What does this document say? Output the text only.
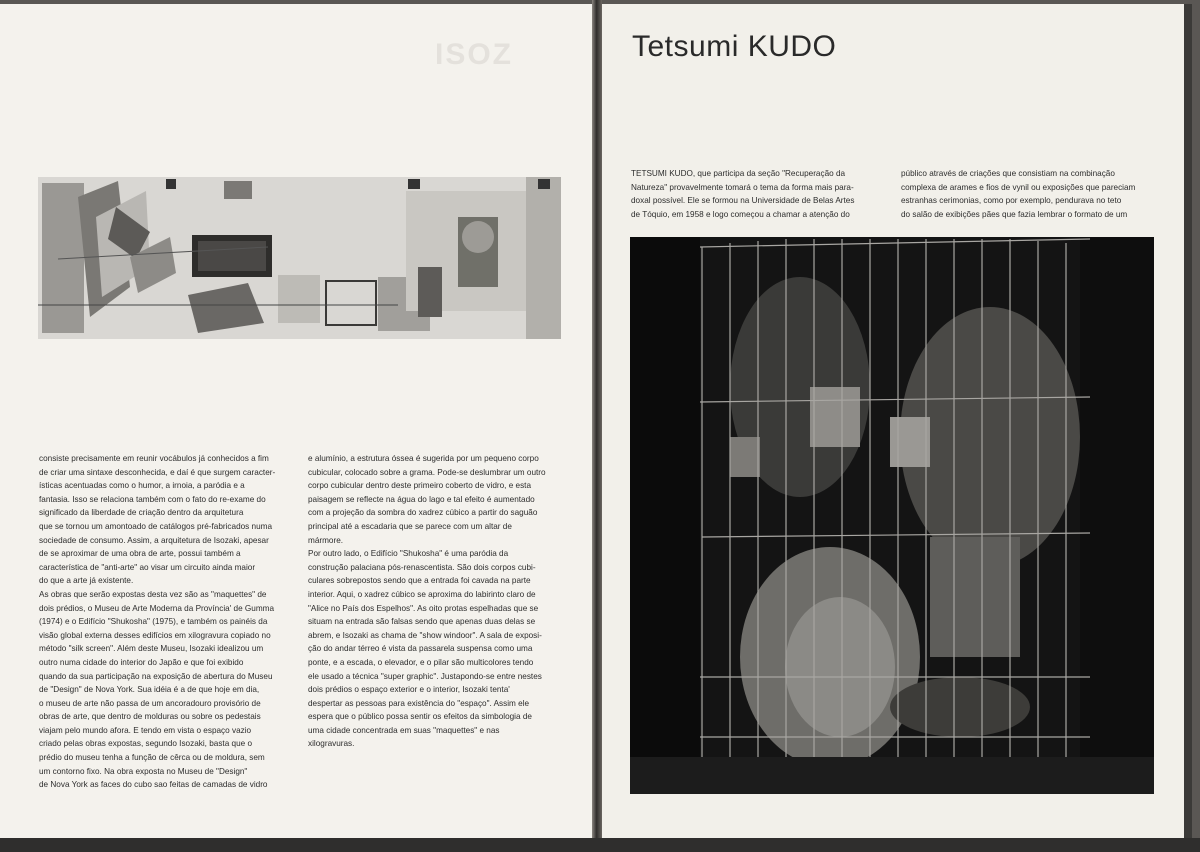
ISOZ
consiste precisamente em reunir vocábulos já conhecidos a fim
de criar uma sintaxe desconhecida, e daí é que surgem caracter-
ísticas acentuadas como o humor, a irnoia, a paródia e a
fantasia. Isso se relaciona também com o fato do re-exame do
significado da liberdade de criação dentro da arquitetura
que se tornou um amontoado de catálogos pré-fabricados numa
sociedade de consumo. Assim, a arquitetura de Isozaki, apesar
de se aproximar de uma obra de arte, possui também a
característica de "anti-arte" ao visar um circuito ainda maior
do que a arte já existente.
As obras que serão expostas desta vez são as "maquettes" de
dois prédios, o Museu de Arte Moderna da Província' de Gumma
(1974) e o Edifício "Shukosha" (1975), e também os painéis da
visão global externa desses edifícios em xilogravura copiado no
método "silk screen". Além deste Museu, Isozaki idealizou um
outro numa cidade do interior do Japão e que foi exibido
quando da sua participação na exposição de abertura do Museu
de "Design" de Nova York. Sua idéia é a de que hoje em dia,
o museu de arte não passa de um ancoradouro provisório de
obras de arte, que dentro de molduras ou sobre os pedestais
viajam pelo mundo afora. E tendo em vista o espaço vazio
criado pelas obras expostas, segundo Isozaki, basta que o
prédio do museu tenha a função de cêrca ou de moldura, sem
um contorno fixo. Na obra exposta no Museu de "Design"
de Nova York as faces do cubo sao feitas de camadas de vidro
e alumínio, a estrutura óssea é sugerida por um pequeno corpo
cubicular, colocado sobre a grama. Pode-se deslumbrar um outro
corpo cubicular dentro deste primeiro coberto de vidro, e esta
paisagem se reflecte na água do lago e tal efeito é aumentado
com a projeção da sombra do xadrez cúbico a partir do saguão
principal até a escadaria que se parece com um altar de
mármore.
Por outro lado, o Edifício "Shukosha" é uma paródia da
construção palaciana pós-renascentista. São dois corpos cubi-
culares sobrepostos sendo que a entrada foi cavada na parte
interior. Aqui, o xadrez cúbico se aproxima do labirinto claro de
"Alice no País dos Espelhos". As oito protas espelhadas que se
situam na entrada são falsas sendo que apenas duas delas se
abrem, e Isozaki as chama de "show windoor". A sala de exposi-
ção do andar térreo é vista da passarela suspensa como uma
ponte, e a escada, o elevador, e o pilar são multicolores tendo
ele usado a técnica "super graphic". Justapondo-se entre nestes
dois prédios o espaço exterior e o interior, Isozaki tenta'
despertar as pessoas para existência do "espaço". Assim ele
espera que o público possa sentir os efeitos da simbologia de
uma cidade concentrada em suas "maquettes" e nas
xilogravuras.
Tetsumi KUDO
TETSUMI KUDO, que participa da seção "Recuperação da
Natureza" provavelmente tomará o tema da forma mais para-
doxal possível. Ele se formou na Universidade de Belas Artes
de Tóquio, em 1958 e logo começou a chamar a atenção do
público através de criações que consistiam na combinação
complexa de arames e fios de vynil ou exposições que pareciam
estranhas cerimonias, como por exemplo, pendurava no teto
do salão de exibições pães que fazia lembrar o formato de um
